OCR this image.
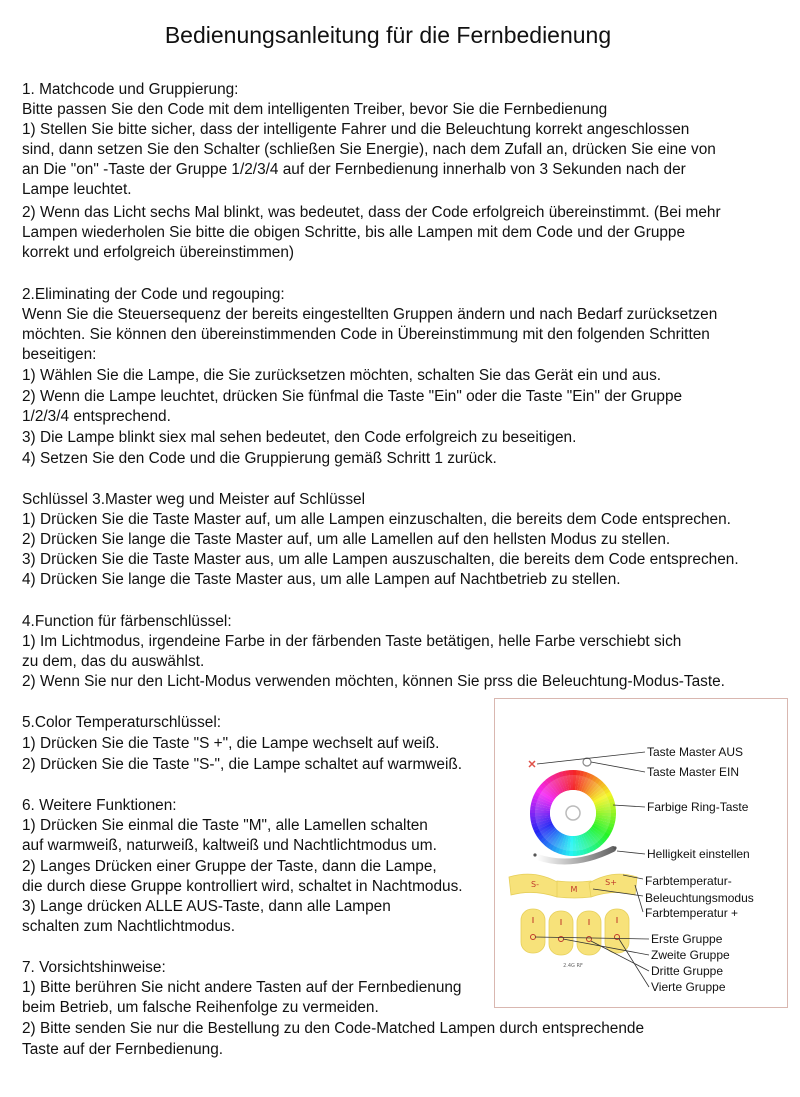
Bedienungsanleitung für die Fernbedienung

1. Matchcode und Gruppierung:

Bitte passen Sie den Code mit dem intelligenten Treiber, bevor Sie die Fernbedienung

1) Stellen Sie bitte sicher, dass der intelligente Fahrer und die Beleuchtung korrekt angeschlossen

sind, dann setzen Sie den Schalter (schließen Sie Energie), nach dem Zufall an, drücken Sie eine von

an Die "on" -Taste der Gruppe 1/2/3/4 auf der Fernbedienung innerhalb von 3 Sekunden nach der

Lampe leuchtet.

2) Wenn das Licht sechs Mal blinkt, was bedeutet, dass der Code erfolgreich übereinstimmt. (Bei mehr

Lampen wiederholen Sie bitte die obigen Schritte, bis alle Lampen mit dem Code und der Gruppe

korrekt und erfolgreich übereinstimmen)

2.Eliminating der Code und regouping:

Wenn Sie die Steuersequenz der bereits eingestellten Gruppen ändern und nach Bedarf zurücksetzen

möchten. Sie können den übereinstimmenden Code in Übereinstimmung mit den folgenden Schritten

beseitigen:

1) Wählen Sie die Lampe, die Sie zurücksetzen möchten, schalten Sie das Gerät ein und aus.

2) Wenn die Lampe leuchtet, drücken Sie fünfmal die Taste "Ein" oder die Taste "Ein" der Gruppe

1/2/3/4 entsprechend.

3) Die Lampe blinkt siex mal sehen bedeutet, den Code erfolgreich zu beseitigen.

4) Setzen Sie den Code und die Gruppierung gemäß Schritt 1 zurück.

Schlüssel 3.Master weg und Meister auf Schlüssel

1) Drücken Sie die Taste Master auf, um alle Lampen einzuschalten, die bereits dem Code entsprechen.

2) Drücken Sie lange die Taste Master auf, um alle Lamellen auf den hellsten Modus zu stellen.

3) Drücken Sie die Taste Master aus, um alle Lampen auszuschalten, die bereits dem Code entsprechen.

4) Drücken Sie lange die Taste Master aus, um alle Lampen auf Nachtbetrieb zu stellen.

4.Function für färbenschlüssel:

1) Im Lichtmodus, irgendeine Farbe in der färbenden Taste betätigen, helle Farbe verschiebt sich

zu dem, das du auswählst.

2) Wenn Sie nur den Licht-Modus verwenden möchten, können Sie prss die Beleuchtung-Modus-Taste.

5.Color Temperaturschlüssel:

1) Drücken Sie die Taste "S +", die Lampe wechselt auf weiß.

2) Drücken Sie die Taste "S-", die Lampe schaltet auf warmweiß.

6. Weitere Funktionen:

1) Drücken Sie einmal die Taste "M", alle Lamellen schalten

auf warmweiß, naturweiß, kaltweiß und Nachtlichtmodus um.

2) Langes Drücken einer Gruppe der Taste, dann die Lampe,

die durch diese Gruppe kontrolliert wird, schaltet in Nachtmodus.

3) Lange drücken ALLE AUS-Taste, dann alle Lampen

schalten zum Nachtlichtmodus.

7. Vorsichtshinweise:

1) Bitte berühren Sie nicht andere Tasten auf der Fernbedienung

beim Betrieb, um falsche Reihenfolge zu vermeiden.

2) Bitte senden Sie nur die Bestellung zu den Code-Matched Lampen durch entsprechende

Taste auf der Fernbedienung.

S-
M
S+
2.4G RF
Taste Master AUS
Taste Master EIN
Farbige Ring-Taste
Helligkeit einstellen
Farbtemperatur-
Beleuchtungsmodus
Farbtemperatur +
Erste Gruppe
Zweite Gruppe
Dritte Gruppe
Vierte Gruppe
